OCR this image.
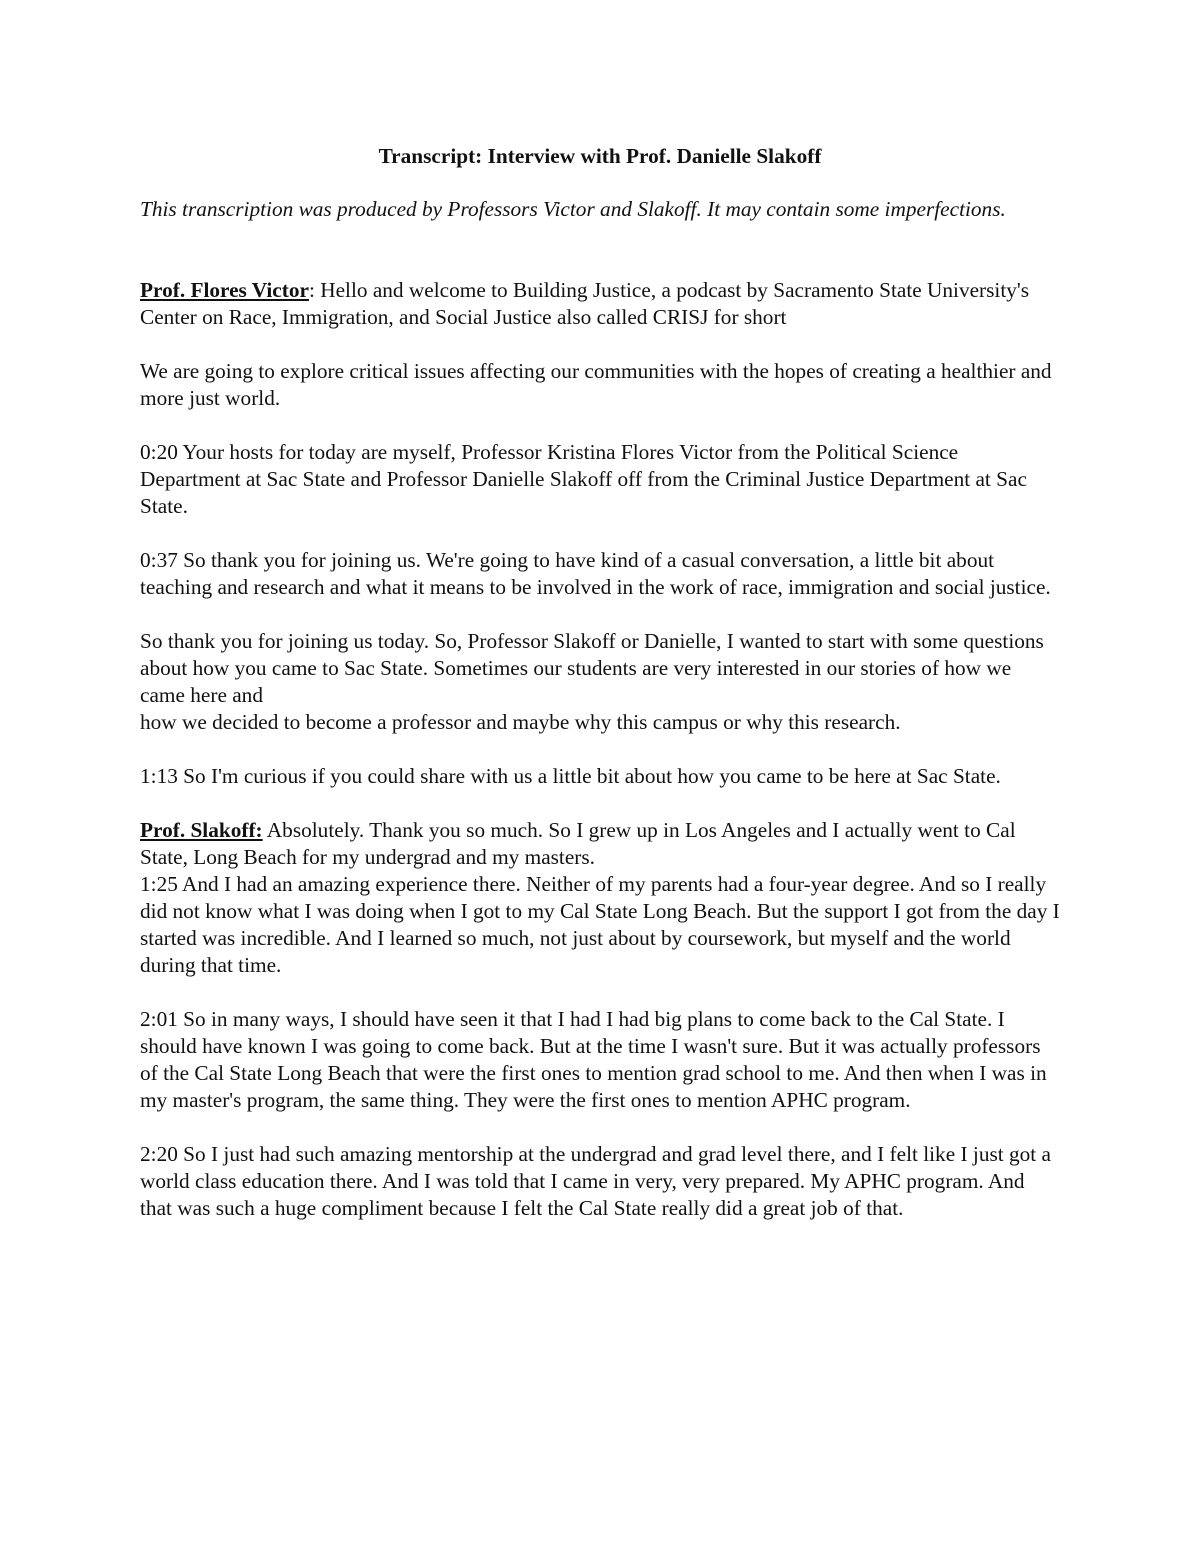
Transcript: Interview with Prof. Danielle Slakoff

This transcription was produced by Professors Victor and Slakoff. It may contain some imperfections.

Prof. Flores Victor: Hello and welcome to Building Justice, a podcast by Sacramento State University's Center on Race, Immigration, and Social Justice also called CRISJ for short

We are going to explore critical issues affecting our communities with the hopes of creating a healthier and more just world.

0:20 Your hosts for today are myself, Professor Kristina Flores Victor from the Political Science Department at Sac State and Professor Danielle Slakoff off from the Criminal Justice Department at Sac State.

0:37 So thank you for joining us. We're going to have kind of a casual conversation, a little bit about teaching and research and what it means to be involved in the work of race, immigration and social justice.

So thank you for joining us today. So, Professor Slakoff or Danielle, I wanted to start with some questions about how you came to Sac State. Sometimes our students are very interested in our stories of how we came here and

how we decided to become a professor and maybe why this campus or why this research.

1:13 So I'm curious if you could share with us a little bit about how you came to be here at Sac State.

Prof. Slakoff: Absolutely. Thank you so much. So I grew up in Los Angeles and I actually went to Cal State, Long Beach for my undergrad and my masters.

1:25 And I had an amazing experience there. Neither of my parents had a four-year degree. And so I really did not know what I was doing when I got to my Cal State Long Beach. But the support I got from the day I started was incredible. And I learned so much, not just about by coursework, but myself and the world during that time.

2:01 So in many ways, I should have seen it that I had I had big plans to come back to the Cal State. I should have known I was going to come back. But at the time I wasn't sure. But it was actually professors of the Cal State Long Beach that were the first ones to mention grad school to me. And then when I was in my master's program, the same thing. They were the first ones to mention APHC program.

2:20 So I just had such amazing mentorship at the undergrad and grad level there, and I felt like I just got a world class education there. And I was told that I came in very, very prepared. My APHC program. And that was such a huge compliment because I felt the Cal State really did a great job of that.
